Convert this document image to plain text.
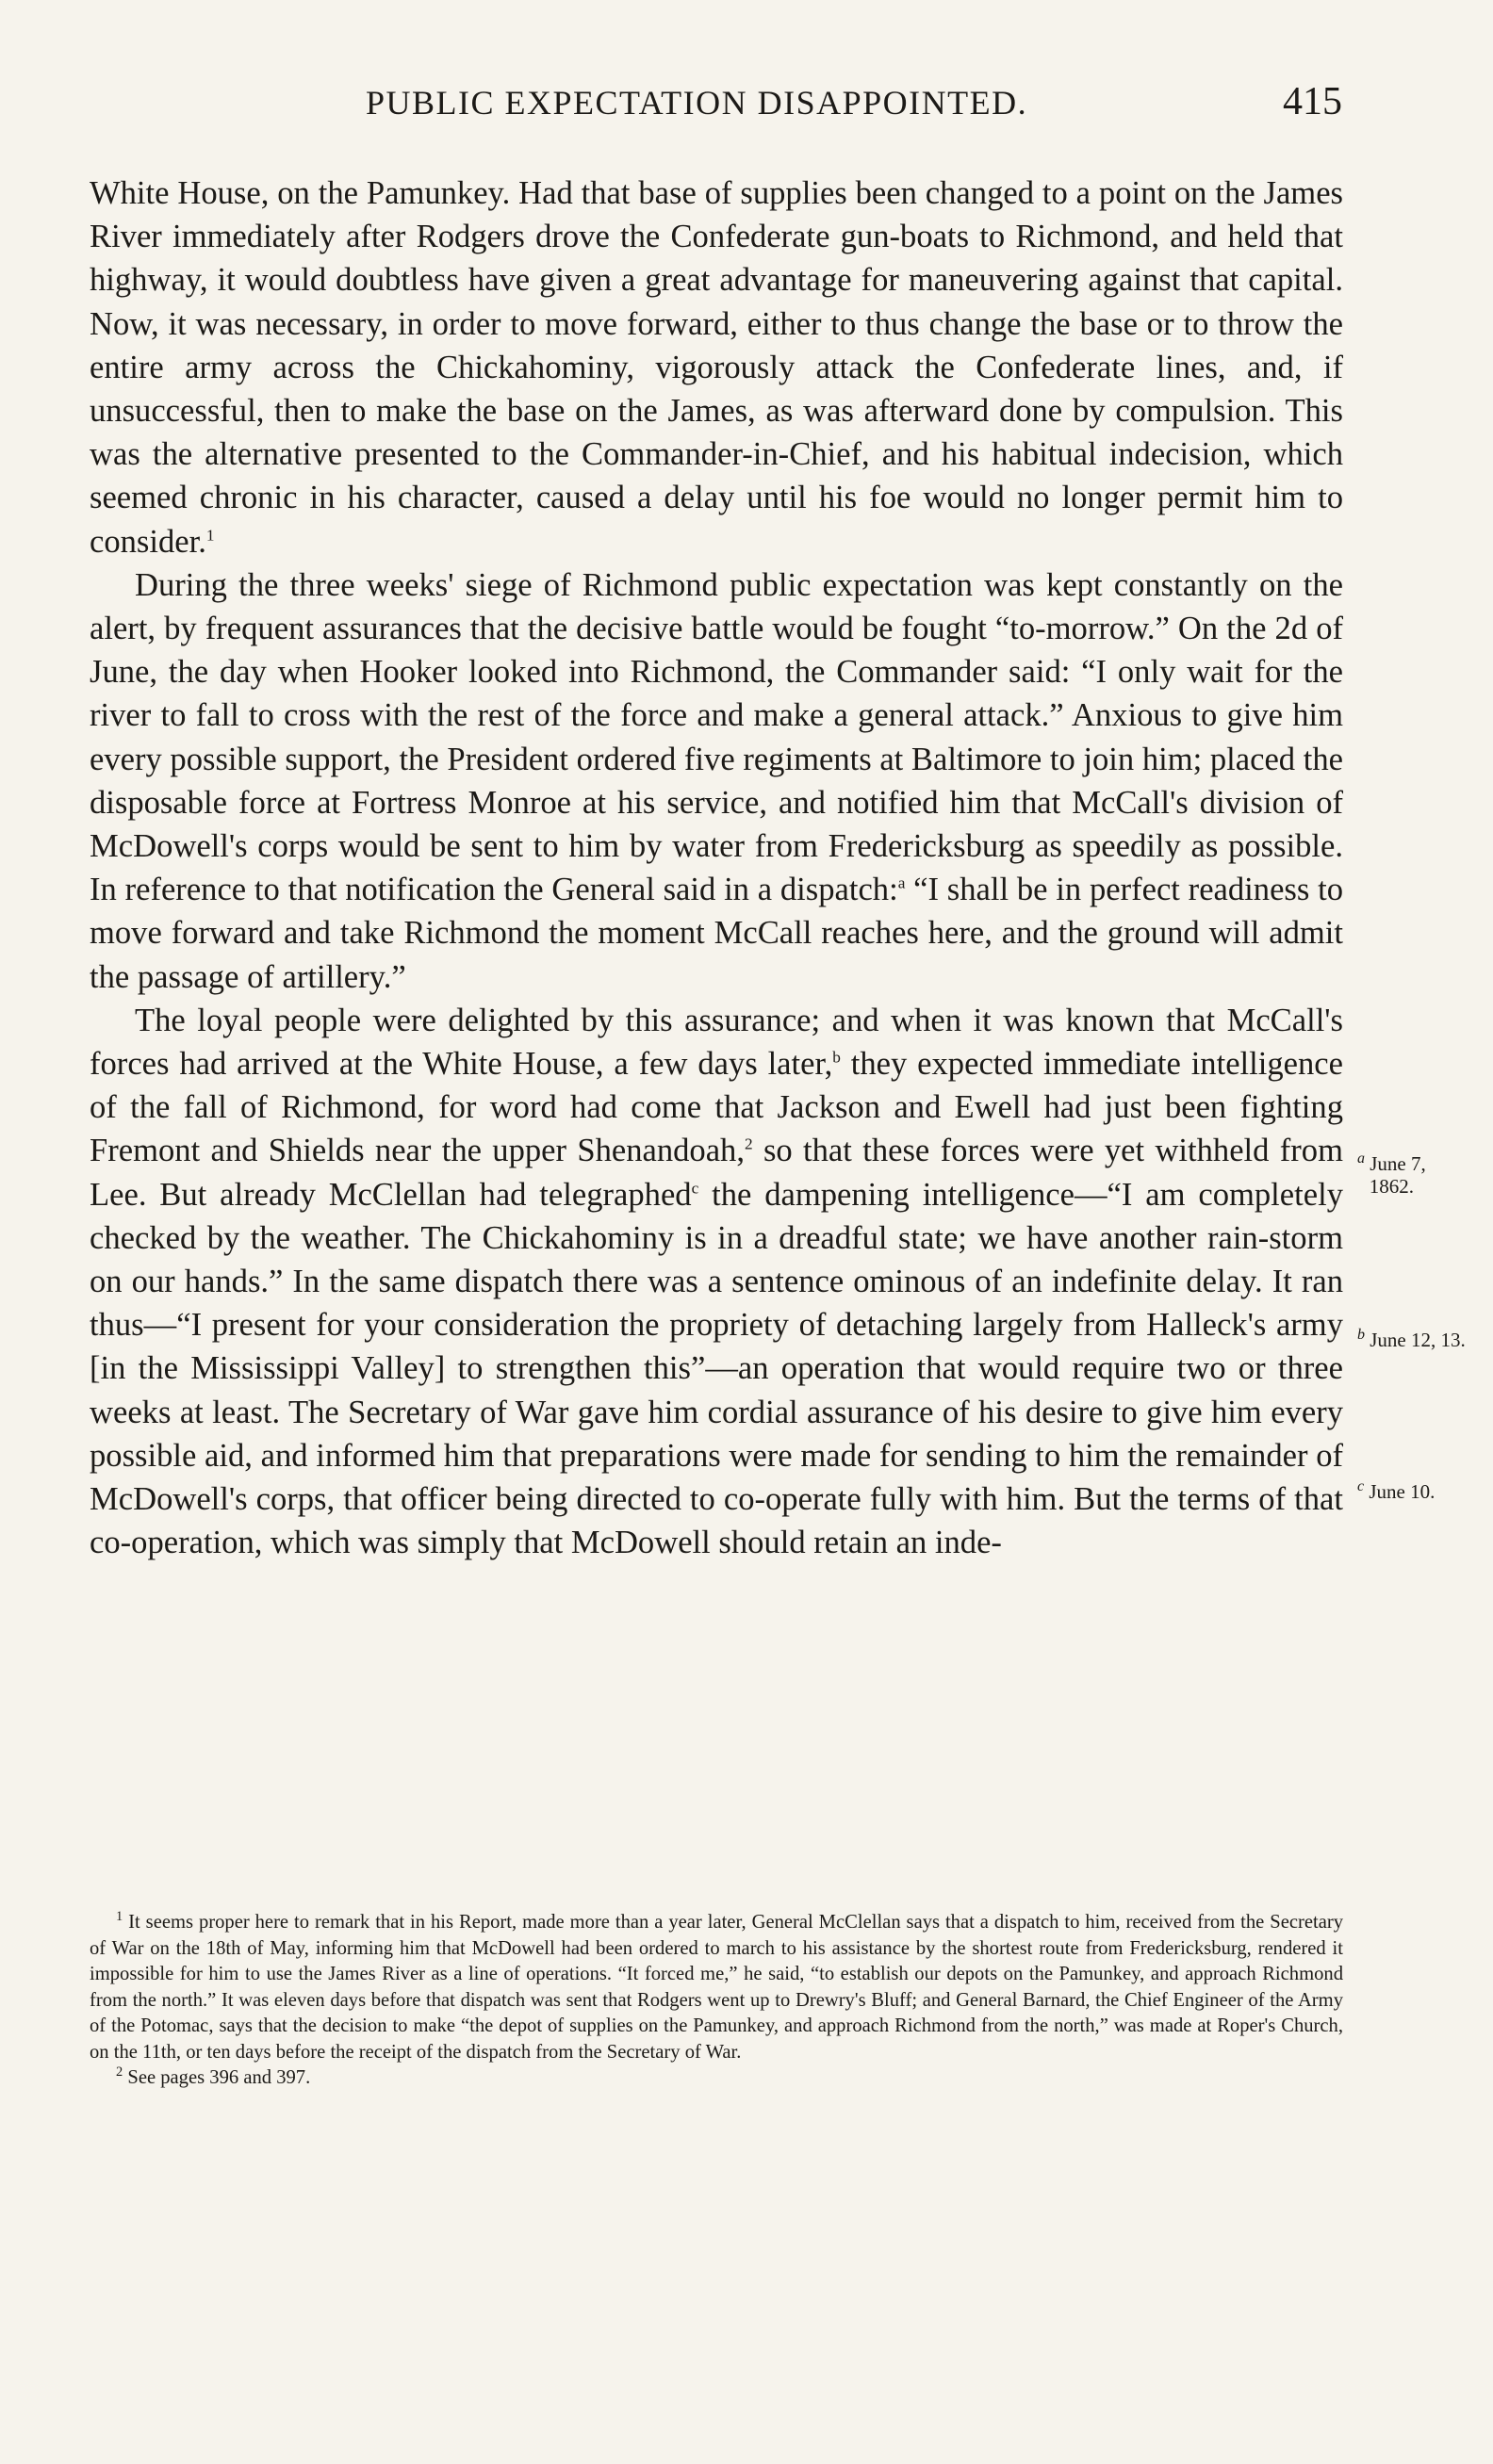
PUBLIC EXPECTATION DISAPPOINTED.	415

White House, on the Pamunkey. Had that base of supplies been changed to a point on the James River immediately after Rodgers drove the Confederate gun-boats to Richmond, and held that highway, it would doubtless have given a great advantage for maneuvering against that capital. Now, it was necessary, in order to move forward, either to thus change the base or to throw the entire army across the Chickahominy, vigorously attack the Confederate lines, and, if unsuccessful, then to make the base on the James, as was afterward done by compulsion. This was the alternative presented to the Commander-in-Chief, and his habitual indecision, which seemed chronic in his character, caused a delay until his foe would no longer permit him to consider.$^1$

During the three weeks' siege of Richmond public expectation was kept constantly on the alert, by frequent assurances that the decisive battle would be fought “to-morrow.” On the 2d of June, the day when Hooker looked into Richmond, the Commander said: “I only wait for the river to fall to cross with the rest of the force and make a general attack.” Anxious to give him every possible support, the President ordered five regiments at Baltimore to join him; placed the disposable force at Fortress Monroe at his service, and notified him that McCall's division of McDowell's corps would be sent to him by water from Fredericksburg as speedily as possible. In reference to that notification the General said in a dispatch:$^a$ “I shall be in perfect readiness to move forward and take Richmond the moment McCall reaches here, and the ground will admit the passage of artillery.”

The loyal people were delighted by this assurance; and when it was known that McCall's forces had arrived at the White House, a few days later,$^b$ they expected immediate intelligence of the fall of Richmond, for word had come that Jackson and Ewell had just been fighting Fremont and Shields near the upper Shenandoah,$^2$ so that these forces were yet withheld from Lee. But already McClellan had telegraphed$^c$ the dampening intelligence—“I am completely checked by the weather. The Chickahominy is in a dreadful state; we have another rain-storm on our hands.” In the same dispatch there was a sentence ominous of an indefinite delay. It ran thus—“I present for your consideration the propriety of detaching largely from Halleck's army [in the Mississippi Valley] to strengthen this”—an operation that would require two or three weeks at least. The Secretary of War gave him cordial assurance of his desire to give him every possible aid, and informed him that preparations were made for sending to him the remainder of McDowell's corps, that officer being directed to co-operate fully with him. But the terms of that co-operation, which was simply that McDowell should retain an inde-

$^a$ June 7,
1862.
$^b$ June 12, 13.
$^c$ June 10.

$^1$ It seems proper here to remark that in his Report, made more than a year later, General McClellan says that a dispatch to him, received from the Secretary of War on the 18th of May, informing him that McDowell had been ordered to march to his assistance by the shortest route from Fredericksburg, rendered it impossible for him to use the James River as a line of operations. “It forced me,” he said, “to establish our depots on the Pamunkey, and approach Richmond from the north.” It was eleven days before that dispatch was sent that Rodgers went up to Drewry's Bluff; and General Barnard, the Chief Engineer of the Army of the Potomac, says that the decision to make “the depot of supplies on the Pamunkey, and approach Richmond from the north,” was made at Roper's Church, on the 11th, or ten days before the receipt of the dispatch from the Secretary of War.

$^2$ See pages 396 and 397.
